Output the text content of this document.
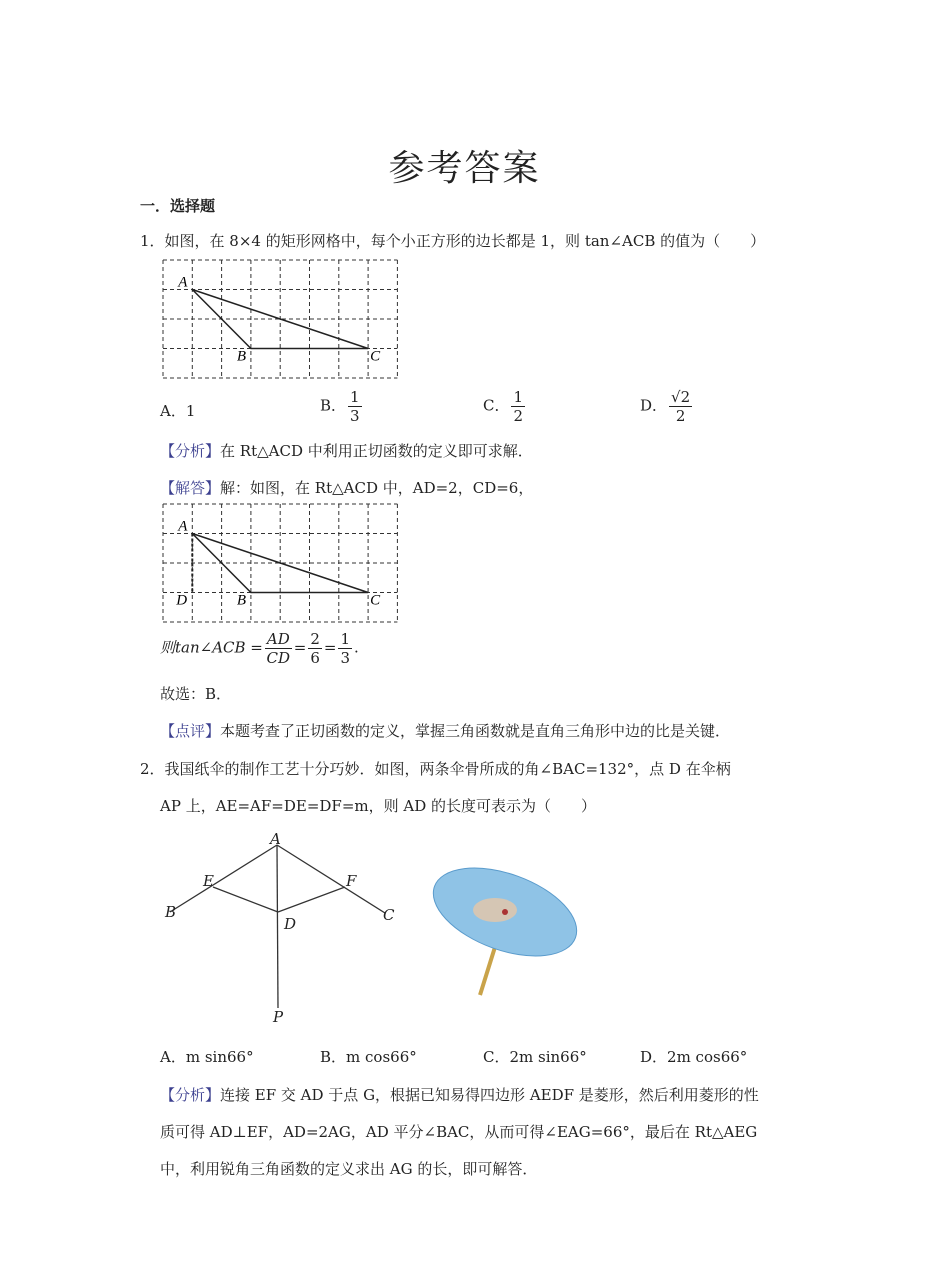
参考答案
一．选择题
1．如图，在 8×4 的矩形网格中，每个小正方形的边长都是 1，则 tan∠ACB 的值为（　　）
A
B	C
A
B	C
D
A．1	B． $\frac{1}{3}$	C． $\frac{1}{2}$	D． $\frac{√2}{2}$
【分析】在 Rt△ACD 中利用正切函数的定义即可求解．
【解答】解：如图，在 Rt△ACD 中，AD=2，CD=6，
则tan∠ACB = $\frac{AD}{CD} = \frac{2}{6} = \frac{1}{3}$ .
故选：B．
【点评】本题考查了正切函数的定义，掌握三角函数就是直角三角形中边的比是关键．
2．我国纸伞的制作工艺十分巧妙．如图，两条伞骨所成的角∠BAC=132°，点 D 在伞柄
AP 上，AE=AF=DE=DF=m，则 AD 的长度可表示为（　　）
A
E	F
B	C
D
P
A．m sin66°	B．m cos66°	C．2m sin66°	D．2m cos66°
【分析】连接 EF 交 AD 于点 G，根据已知易得四边形 AEDF 是菱形，然后利用菱形的性
质可得 AD⊥EF，AD=2AG，AD 平分∠BAC，从而可得∠EAG=66°，最后在 Rt△AEG
中，利用锐角三角函数的定义求出 AG 的长，即可解答．
